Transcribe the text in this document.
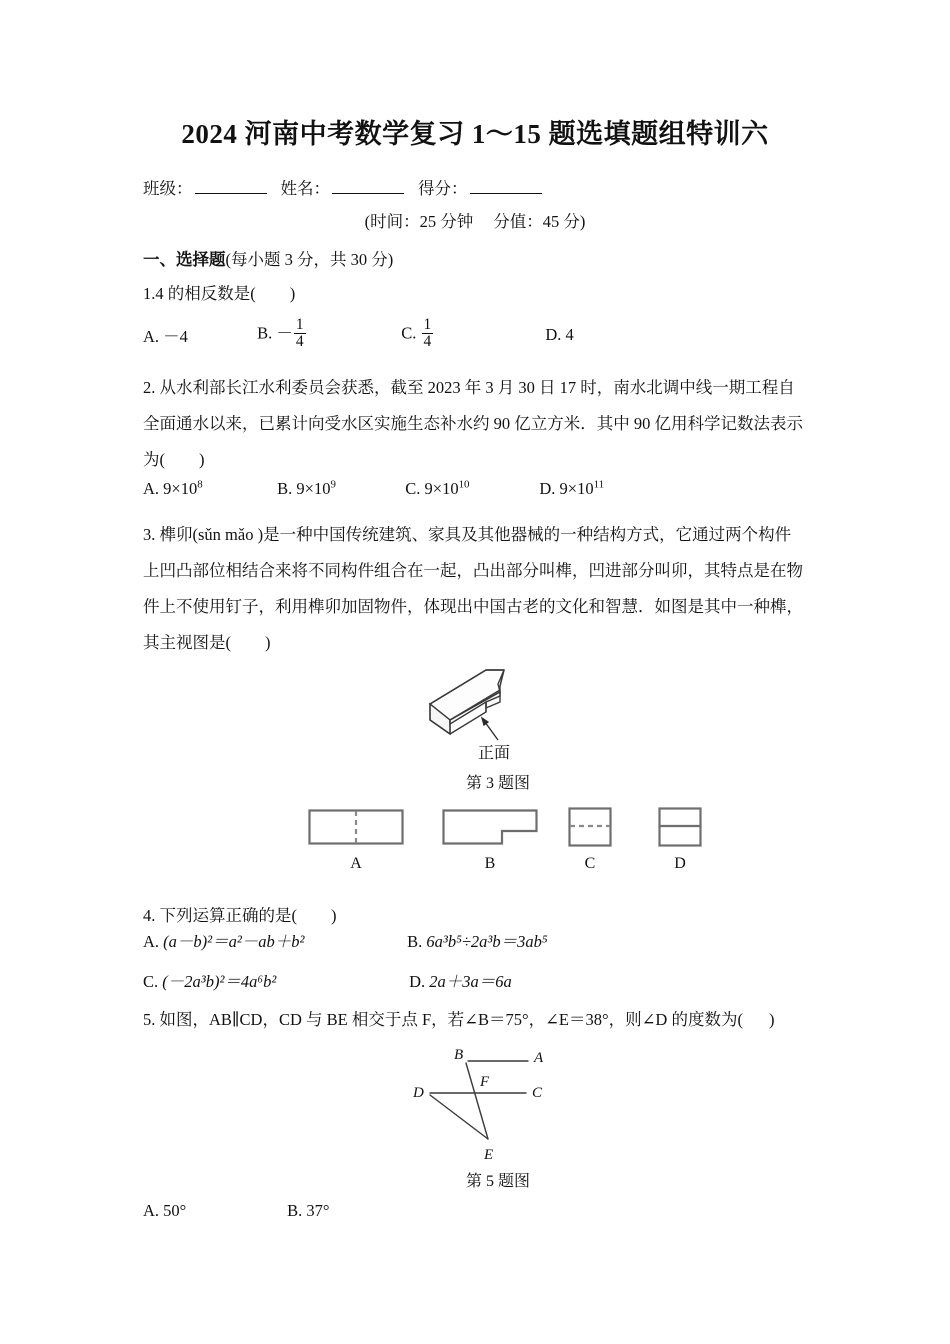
2024 河南中考数学复习 1～15 题选填题组特训六
班级：	姓名：	得分：
(时间：25 分钟 分值：45 分)
一、选择题(每小题 3 分，共 30 分)
1.4 的相反数是( )
A. －4	B. － $\frac{1}{4}$	C. $\frac{1}{4}$	D. 4
2. 从水利部长江水利委员会获悉，截至 2023 年 3 月 30 日 17 时，南水北调中线一期工程自
全面通水以来，已累计向受水区实施生态补水约 90 亿立方米．其中 90 亿用科学记数法表示
为( )
A. $9\times 10^8$	B. $9\times 10^9$	C. $9\times 10^{10}$	D. $9\times 10^{11}$
3. 榫卯(sǔn mǎo )是一种中国传统建筑、家具及其他器械的一种结构方式，它通过两个构件
上凹凸部位相结合来将不同构件组合在一起，凸出部分叫榫，凹进部分叫卯，其特点是在物
件上不使用钉子，利用榫卯加固物件，体现出中国古老的文化和智慧．如图是其中一种榫，
其主视图是( )
正面
第 3 题图
A	B	C	D
4. 下列运算正确的是( )
A. (a－b)²＝a²－ab＋b²	B. 6a³b⁵÷2a³b＝3ab⁵
C. (－2a³b)²＝4a⁶b²	D. 2a＋3a＝6a
5. 如图，AB∥CD，CD 与 BE 相交于点 F，若∠B＝75°，∠E＝38°，则∠D 的度数为( )
B	A
D
F
C
E
第 5 题图
A. 50°	B. 37°
